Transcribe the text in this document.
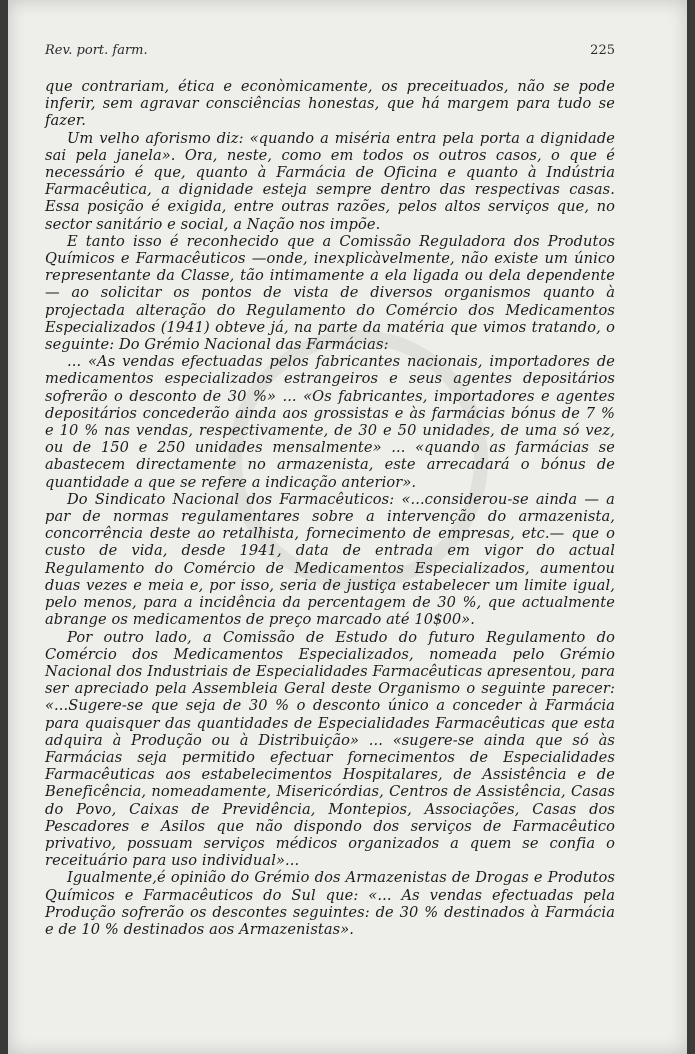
Rev. port. farm.	225

que contrariam, ética e econòmicamente, os preceituados, não se pode inferir, sem agravar consciências honestas, que há margem para tudo se fazer.

Um velho aforismo diz: «quando a miséria entra pela porta a dignidade sai pela janela». Ora, neste, como em todos os outros casos, o que é necessário é que, quanto à Farmácia de Oficina e quanto à Indústria Farmacêutica, a dignidade esteja sempre dentro das respectivas casas. Essa posição é exigida, entre outras razões, pelos altos serviços que, no sector sanitário e social, a Nação nos impõe.

E tanto isso é reconhecido que a Comissão Reguladora dos Produtos Químicos e Farmacêuticos —onde, inexplicàvelmente, não existe um único representante da Classe, tão intimamente a ela ligada ou dela dependente — ao solicitar os pontos de vista de diversos organismos quanto à projectada alteração do Regulamento do Comércio dos Medicamentos Especializados (1941) obteve já, na parte da matéria que vimos tratando, o seguinte: Do Grémio Nacional das Farmácias:

... «As vendas efectuadas pelos fabricantes nacionais, importadores de medicamentos especializados estrangeiros e seus agentes depositários sofrerão o desconto de 30 %» ... «Os fabricantes, importadores e agentes depositários concederão ainda aos grossistas e às farmácias bónus de 7 % e 10 % nas vendas, respectivamente, de 30 e 50 unidades, de uma só vez, ou de 150 e 250 unidades mensalmente» ... «quando as farmácias se abastecem directamente no armazenista, este arrecadará o bónus de quantidade a que se refere a indicação anterior».

Do Sindicato Nacional dos Farmacêuticos: «...considerou-se ainda — a par de normas regulamentares sobre a intervenção do armazenista, concorrência deste ao retalhista, fornecimento de empresas, etc.— que o custo de vida, desde 1941, data de entrada em vigor do actual Regulamento do Comércio de Medicamentos Especializados, aumentou duas vezes e meia e, por isso, seria de justiça estabelecer um limite igual, pelo menos, para a incidência da percentagem de 30 %, que actualmente abrange os medicamentos de preço marcado até 10$00».

Por outro lado, a Comissão de Estudo do futuro Regulamento do Comércio dos Medicamentos Especializados, nomeada pelo Grémio Nacional dos Industriais de Especialidades Farmacêuticas apresentou, para ser apreciado pela Assembleia Geral deste Organismo o seguinte parecer: «...Sugere-se que seja de 30 % o desconto único a conceder à Farmácia para quaisquer das quantidades de Especialidades Farmacêuticas que esta adquira à Produção ou à Distribuição» ... «sugere-se ainda que só às Farmácias seja permitido efectuar fornecimentos de Especialidades Farmacêuticas aos estabelecimentos Hospitalares, de Assistência e de Beneficência, nomeadamente, Misericórdias, Centros de Assistência, Casas do Povo, Caixas de Previdência, Montepios, Associações, Casas dos Pescadores e Asilos que não dispondo dos serviços de Farmacêutico privativo, possuam serviços médicos organizados a quem se confia o receituário para uso individual»...

Igualmente,é opinião do Grémio dos Armazenistas de Drogas e Produtos Químicos e Farmacêuticos do Sul que: «... As vendas efectuadas pela Produção sofrerão os descontes seguintes: de 30 % destinados à Farmácia e de 10 % destinados aos Armazenistas».
